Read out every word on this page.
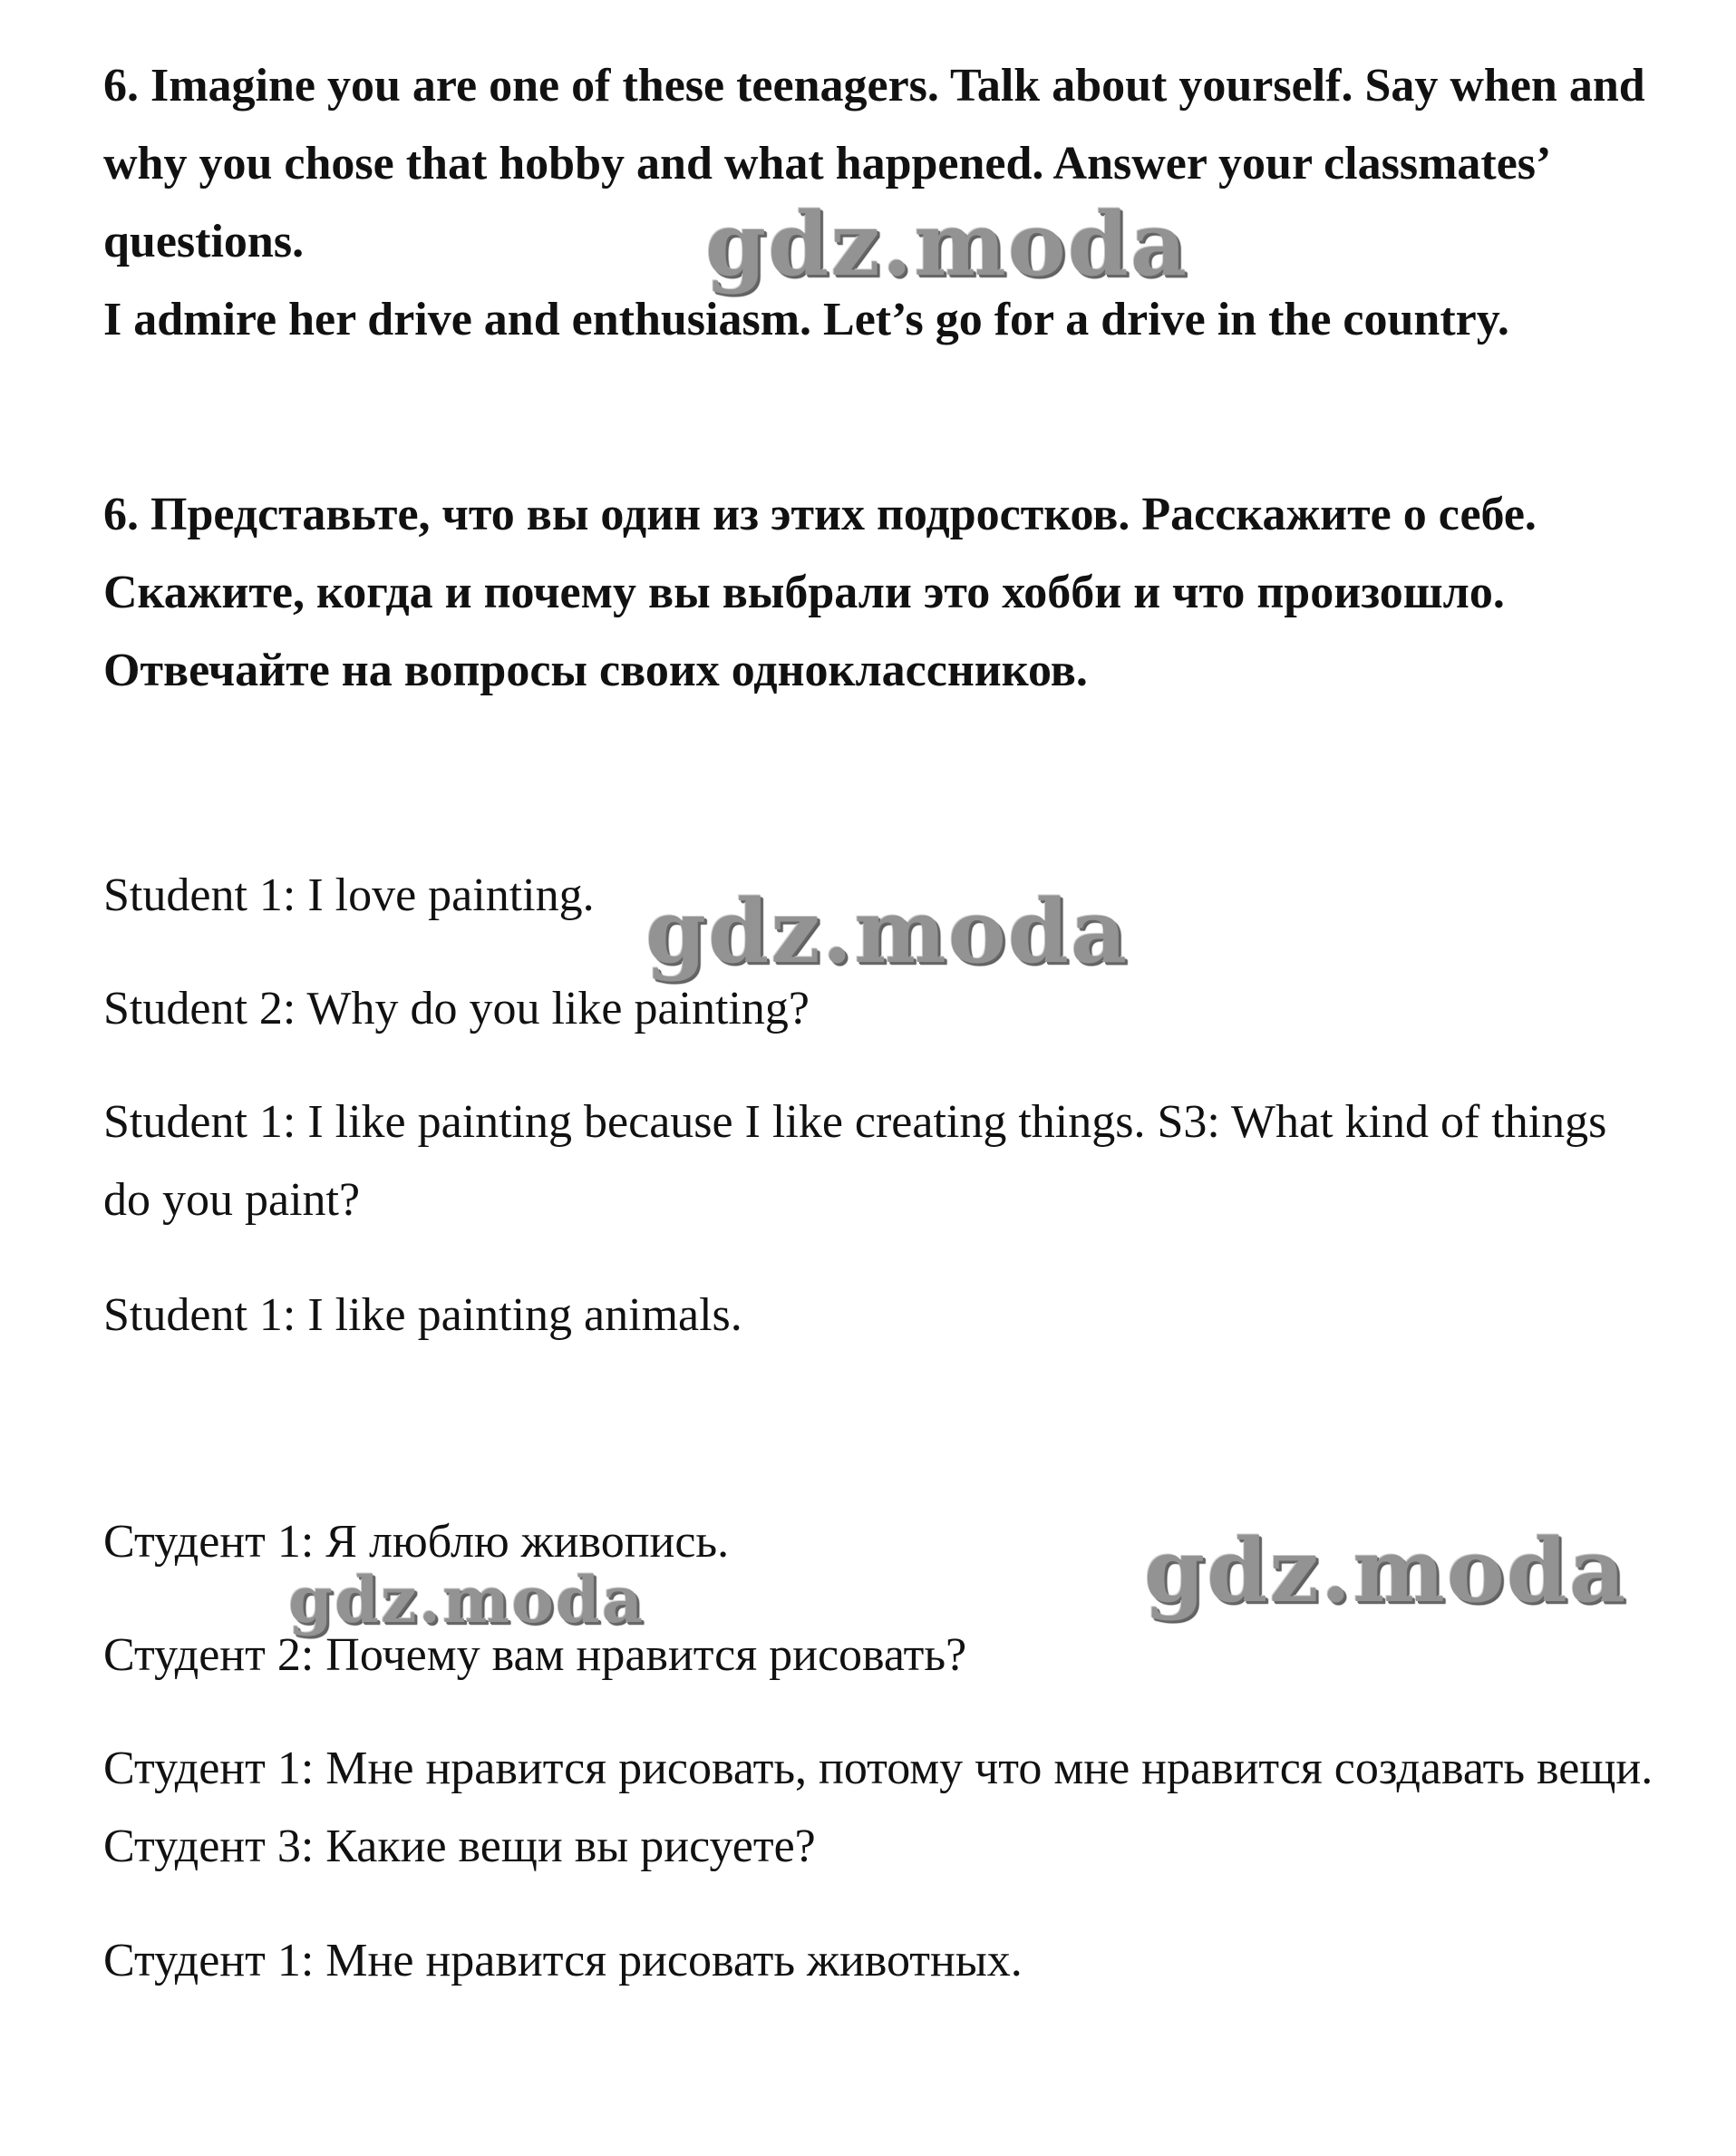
6. Imagine you are one of these teenagers. Talk about yourself. Say when and why you chose that hobby and what happened. Answer your classmates’ questions.

I admire her drive and enthusiasm. Let’s go for a drive in the country.

6. Представьте, что вы один из этих подростков. Расскажите о себе. Скажите, когда и почему вы выбрали это хобби и что произошло. Отвечайте на вопросы своих одноклассников.

Student 1: I love painting.

Student 2: Why do you like painting?

Student 1: I like painting because I like creating things. S3: What kind of things do you paint?

Student 1: I like painting animals.

Студент 1: Я люблю живопись.

Студент 2: Почему вам нравится рисовать?

Студент 1: Мне нравится рисовать, потому что мне нравится создавать вещи. Студент 3: Какие вещи вы рисуете?

Студент 1: Мне нравится рисовать животных.

gdz.moda
gdz.moda
gdz.moda	gdz.moda
